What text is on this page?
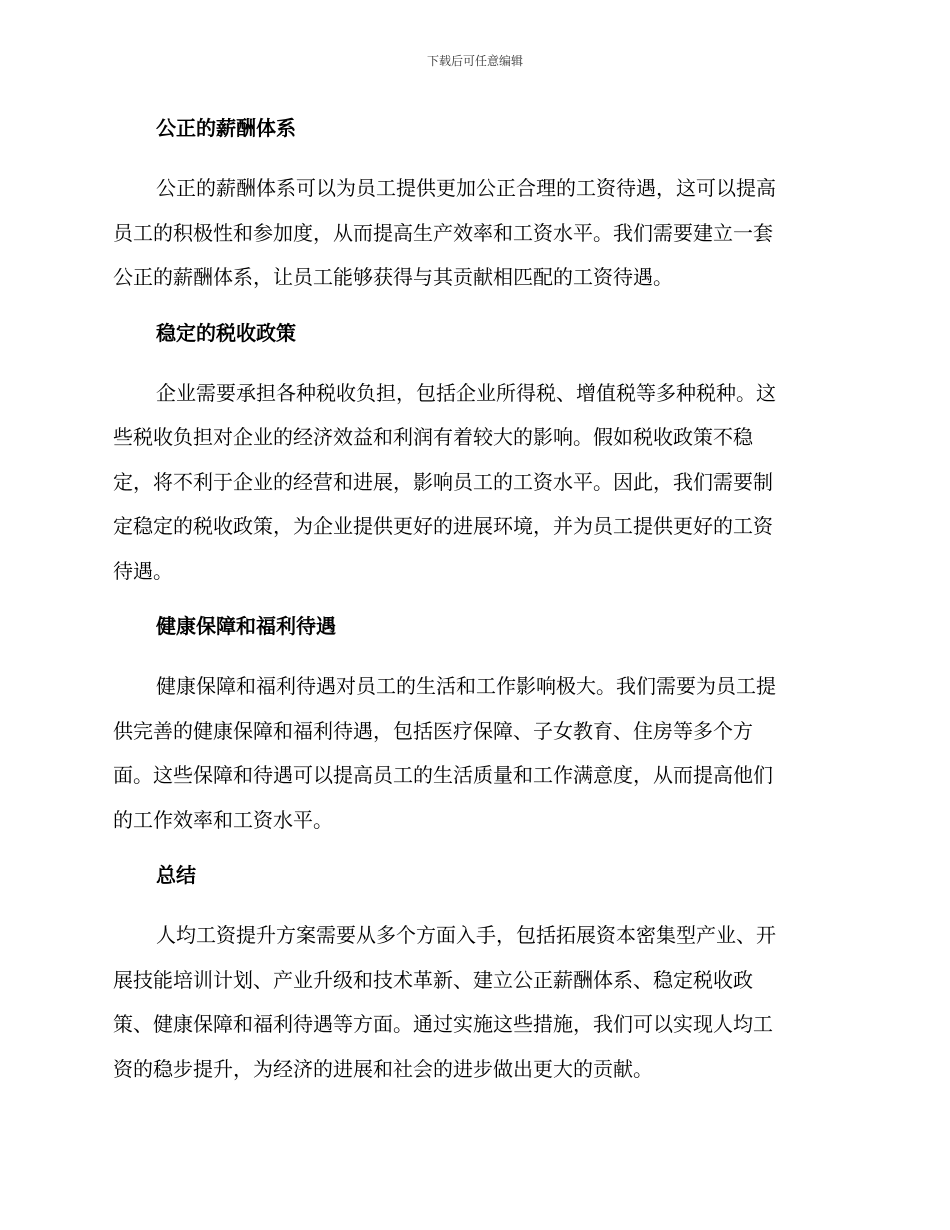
下载后可任意编辑
公正的薪酬体系

公正的薪酬体系可以为员工提供更加公正合理的工资待遇，这可以提高
员工的积极性和参加度，从而提高生产效率和工资水平。我们需要建立一套
公正的薪酬体系，让员工能够获得与其贡献相匹配的工资待遇。

稳定的税收政策

企业需要承担各种税收负担，包括企业所得税、增值税等多种税种。这
些税收负担对企业的经济效益和利润有着较大的影响。假如税收政策不稳
定，将不利于企业的经营和进展，影响员工的工资水平。因此，我们需要制
定稳定的税收政策，为企业提供更好的进展环境，并为员工提供更好的工资
待遇。

健康保障和福利待遇

健康保障和福利待遇对员工的生活和工作影响极大。我们需要为员工提
供完善的健康保障和福利待遇，包括医疗保障、子女教育、住房等多个方
面。这些保障和待遇可以提高员工的生活质量和工作满意度，从而提高他们
的工作效率和工资水平。

总结

人均工资提升方案需要从多个方面入手，包括拓展资本密集型产业、开
展技能培训计划、产业升级和技术革新、建立公正薪酬体系、稳定税收政
策、健康保障和福利待遇等方面。通过实施这些措施，我们可以实现人均工
资的稳步提升，为经济的进展和社会的进步做出更大的贡献。
